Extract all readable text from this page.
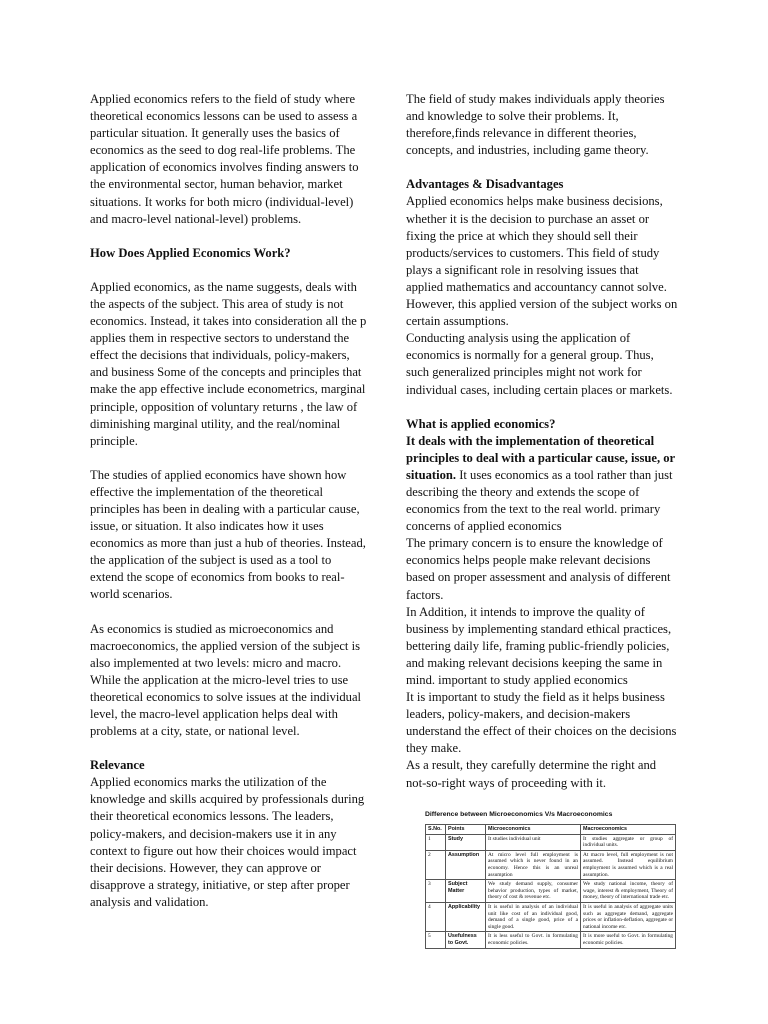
Applied economics refers to the field of study where theoretical economics lessons can be used to assess a particular situation. It generally uses the basics of economics as the seed to dog real-life problems. The application of economics involves finding answers to the environmental sector, human behavior, market situations. It works for both micro (individual-level) and macro-level national-level) problems.

How Does Applied Economics Work?

Applied economics, as the name suggests, deals with the aspects of the subject. This area of study is not economics. Instead, it takes into consideration all the p applies them in respective sectors to understand the effect the decisions that individuals, policy-makers, and business Some of the concepts and principles that make the app effective include econometrics, marginal principle, opposition of voluntary returns , the law of diminishing marginal utility, and the real/nominal principle.

The studies of applied economics have shown how effective the implementation of the theoretical principles has been in dealing with a particular cause, issue, or situation. It also indicates how it uses economics as more than just a hub of theories. Instead, the application of the subject is used as a tool to extend the scope of economics from books to real-world scenarios.

As economics is studied as microeconomics and macroeconomics, the applied version of the subject is also implemented at two levels: micro and macro. While the application at the micro-level tries to use theoretical economics to solve issues at the individual level, the macro-level application helps deal with problems at a city, state, or national level.

Relevance

Applied economics marks the utilization of the knowledge and skills acquired by professionals during their theoretical economics lessons. The leaders, policy-makers, and decision-makers use it in any context to figure out how their choices would impact their decisions. However, they can approve or disapprove a strategy, initiative, or step after proper analysis and validation.

The field of study makes individuals apply theories and knowledge to solve their problems. It, therefore,finds relevance in different theories, concepts, and industries, including game theory.

Advantages & Disadvantages

Applied economics helps make business decisions, whether it is the decision to purchase an asset or fixing the price at which they should sell their products/services to customers. This field of study plays a significant role in resolving issues that applied mathematics and accountancy cannot solve. However, this applied version of the subject works on certain assumptions.

Conducting analysis using the application of economics is normally for a general group. Thus, such generalized principles might not work for individual cases, including certain places or markets.

What is applied economics?

It deals with the implementation of theoretical principles to deal with a particular cause, issue, or situation. It uses economics as a tool rather than just describing the theory and extends the scope of economics from the text to the real world. primary concerns of applied economics

The primary concern is to ensure the knowledge of economics helps people make relevant decisions based on proper assessment and analysis of different factors.

In Addition, it intends to improve the quality of business by implementing standard ethical practices, bettering daily life, framing public-friendly policies, and making relevant decisions keeping the same in mind. important to study applied economics

It is important to study the field as it helps business leaders, policy-makers, and decision-makers understand the effect of their choices on the decisions they make.

As a result, they carefully determine the right and not-so-right ways of proceeding with it.

Difference between Microeconomics V/s Macroeconomics
S.No.	Points	Microeconomics	Macroeconomics
1	Study	It studies individual unit	It studies aggregate or group of individual units.
2	Assumption	At micro level full employment is assumed which is never found in an economy. Hence this is an unreal assumption	At macro level, full employment is not assumed. Instead equilibrium employment is assumed which is a real assumption.
3	Subject Matter	We study demand supply, consumer behavior production, types of market, theory of cost & revenue etc.	We study national income, theory of wage, interest & employment, Theory of money, theory of international trade etc.
4	Applicability	It is useful in analysis of an individual unit like cost of an individual good, demand of a single good, price of a single good.	It is useful in analysis of aggregate units such as aggregate demand, aggregate prices or inflation-deflation, aggregate or national income etc.
5	Usefulness to Govt.	It is less useful to Govt. in formulating economic policies.	It is more useful to Govt. in formulating economic policies.
